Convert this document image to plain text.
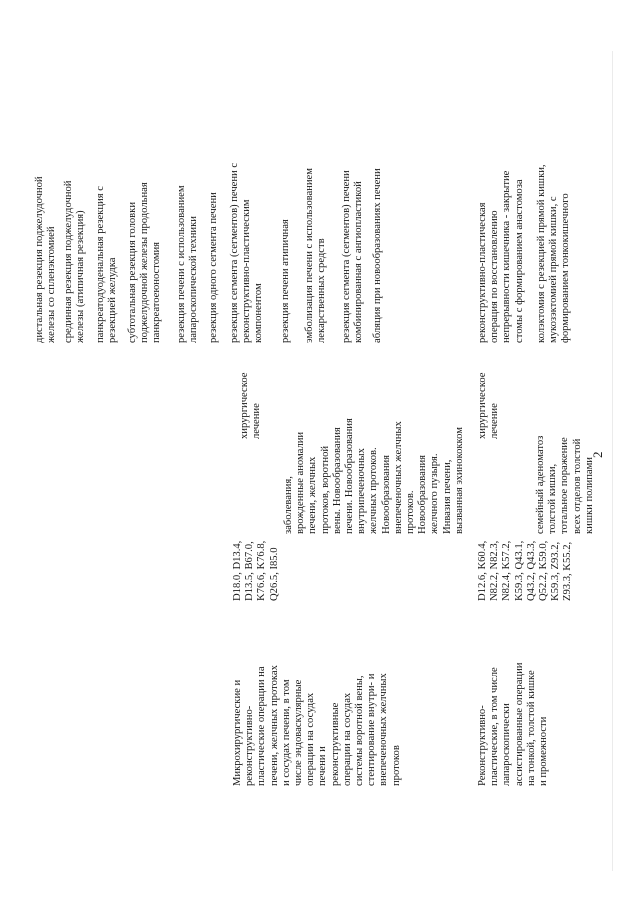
2
Микрохирургические и
реконструктивно-
пластические операции на
печени, желчных протоках
и сосудах печени, в том
числе эндоваскулярные
операции на сосудах
печени и
реконструктивные
операции на сосудах
системы воротной вены,
стентирование внутри- и
внепеченочных желчных
протоков
D18.0, D13.4,
D13.5, B67.0,
K76.6, K76.8,
Q26.5, I85.0
заболевания,
врожденные аномалии
печени, желчных
протоков, воротной
вены. Новообразования
печени. Новообразования
внутрипеченочных
желчных протоков.
Новообразования
внепеченочных желчных
протоков.
Новообразования
желчного пузыря.
Инвазия печени,
вызванная эхинококком
хирургическое
лечение
дистальная резекция поджелудочной
железы со спленэктомией
срединная резекция поджелудочной
железы (атипичная резекция)
панкреатодуоденальная резекция с
резекцией желудка
субтотальная резекция головки
поджелудочной железы продольная
панкреатоеюностомия резекция печени с использованием
лапароскопической техники резекция одного сегмента печени резекция сегмента (сегментов) печени с
реконструктивно-пластическим
компонентом резекция печени атипичная эмболизация печени с использованием
лекарственных средств
резекция сегмента (сегментов) печени
комбинированная с ангиопластикой абляция при новообразованиях печени
Реконструктивно-
пластические, в том числе
лапароскопически
ассистированные операции
на тонкой, толстой кишке
и промежности
D12.6, K60.4,
N82.2, N82.3,
N82.4, K57.2,
K59.3, Q43.1,
Q43.2, Q43.3,
Q52.2, K59.0,
K59.3, Z93.2,
Z93.3, K55.2,
семейный аденоматоз
толстой кишки,
тотальное поражение
всех отделов толстой
кишки полипами
хирургическое
лечение
реконструктивно-пластическая
операция по восстановлению
непрерывности кишечника - закрытие
стомы с формированием анастомоза
колэктомия с резекцией прямой кишки,
мукозэктомией прямой кишки, с
формированием тонкокишечного
